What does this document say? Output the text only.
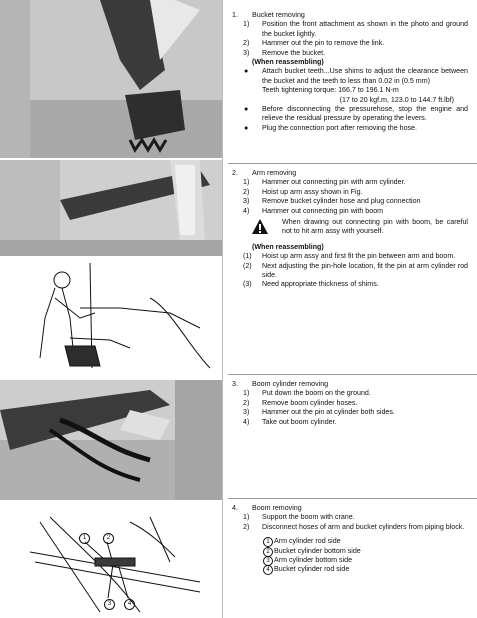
1	2
3	4
1. Bucket removing
1) Position the front attachment as shown in the photo and ground the bucket lightly.
2) Hammer out the pin to remove the link.
3) Remove the bucket.
(When reassembling)
● Attach bucket teeth...Use shims to adjust the clearance between the bucket and the teeth to less than 0.02 in (0.5 mm)
Teeth tightening torque: 166.7 to 196.1 N-m
(17 to 20 kgf.m, 123.0 to 144.7 ft.lbf)
● Before disconnecting the pressurehose, stop the engine and relieve the residual pressure by operating the levers.
● Plug the connection port after removing the hose.
2. Arm removing
1) Hammer out connecting pin with arm cylinder.
2) Hoist up arm assy shown in Fig.
3) Remove bucket cylinder hose and plug connection
4) Hammer out connecting pin with boom
When drawing out connecting pin with boom, be careful not to hit arm assy with yourself.
(When reassembling)
(1) Hoist up arm assy and first fit the pin between arm and boom.
(2) Next adjusting the pin-hole location, fit the pin at arm cylinder rod side.
(3) Need appropriate thickness of shims.
3. Boom cylinder removing
1) Put down the boom on the ground.
2) Remove boom cylinder hoses.
3) Hammer out the pin at cylinder both sides.
4) Take out boom cylinder.
4. Boom removing
1) Support the boom with crane.
2) Disconnect hoses of arm and bucket cylinders from piping block.
1 Arm cylinder rod side
2 Bucket cylinder bottom side
3 Arm cylinder bottom side
4 Bucket cylinder rod side
